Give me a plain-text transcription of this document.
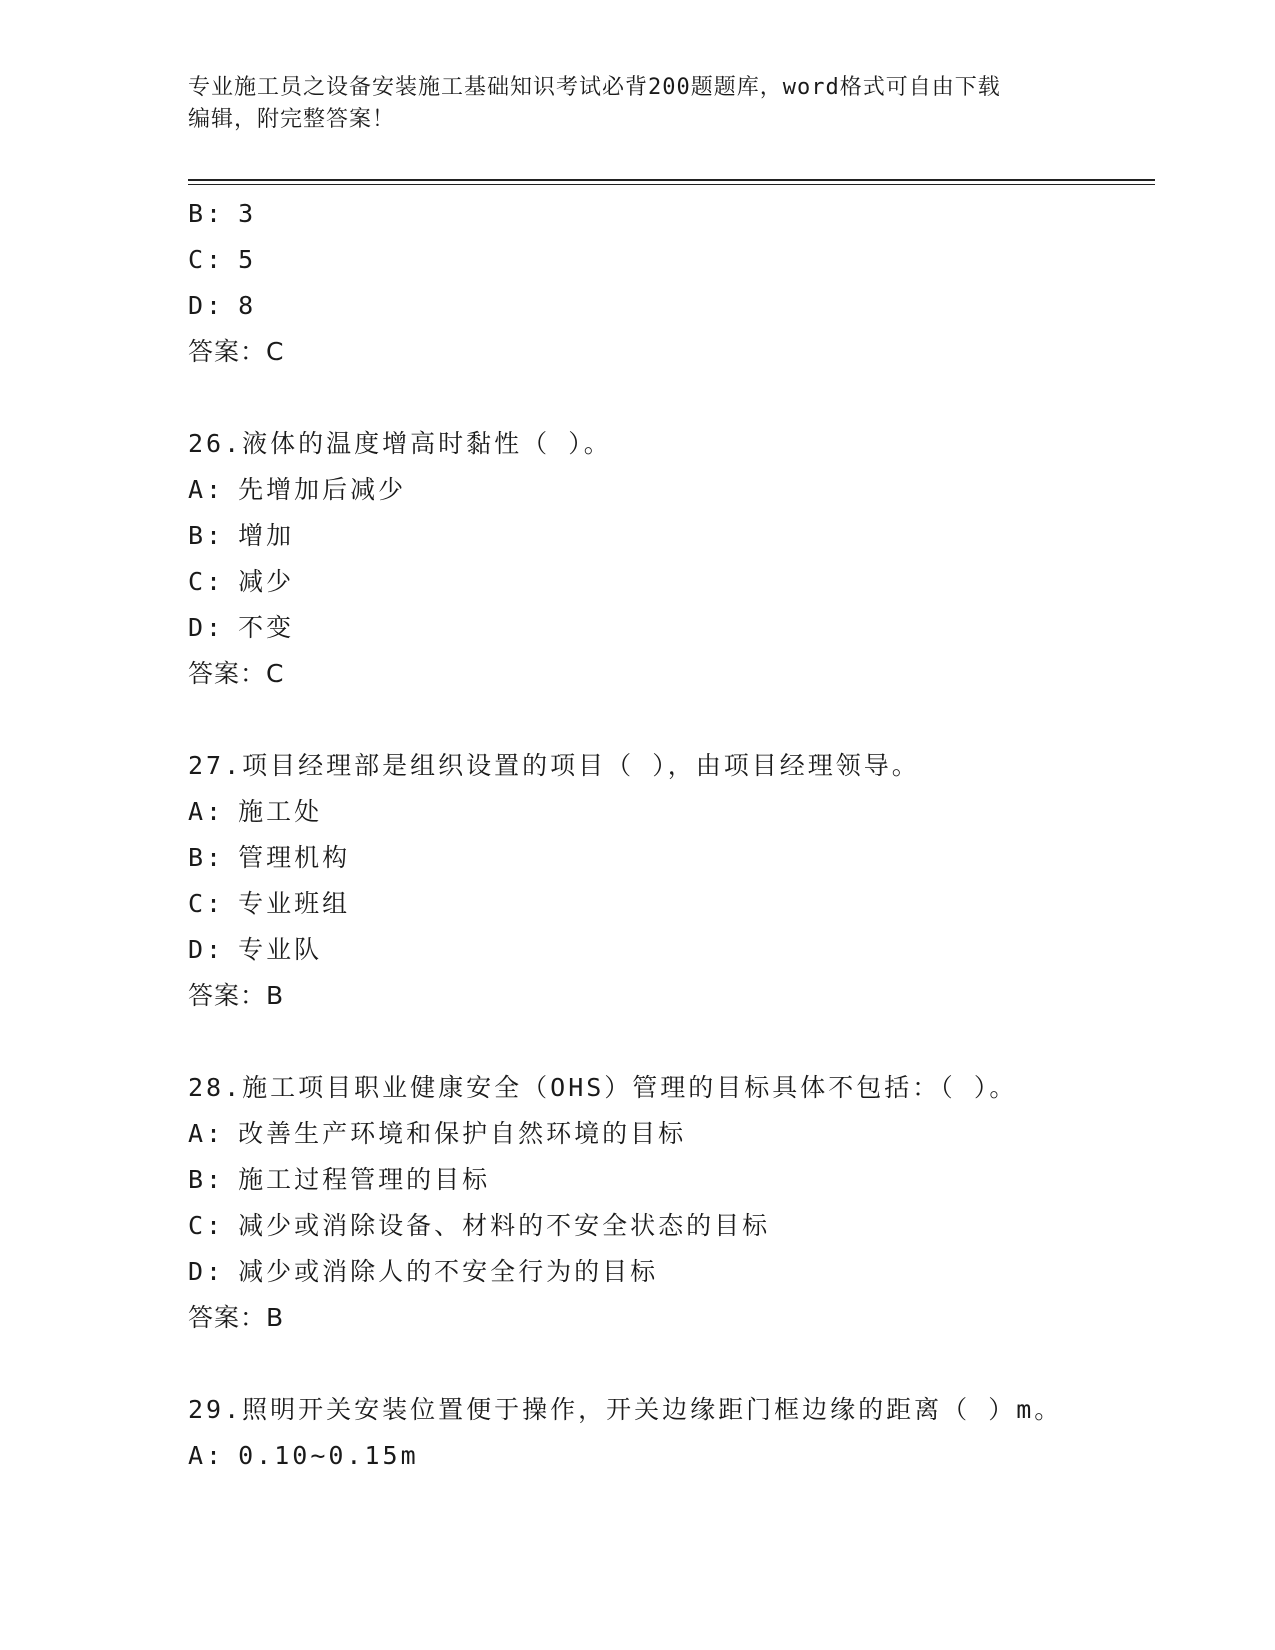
专业施工员之设备安装施工基础知识考试必背200题题库，word格式可自由下载
编辑，附完整答案！
B: 3
C: 5
D: 8
答案：C
26.液体的温度增高时黏性（ ）。
A: 先增加后减少
B: 增加
C: 减少
D: 不变
答案：C
27.项目经理部是组织设置的项目（ ），由项目经理领导。
A: 施工处
B: 管理机构
C: 专业班组
D: 专业队
答案：B
28.施工项目职业健康安全（OHS）管理的目标具体不包括：（ ）。
A: 改善生产环境和保护自然环境的目标
B: 施工过程管理的目标
C: 减少或消除设备、材料的不安全状态的目标
D: 减少或消除人的不安全行为的目标
答案：B
29.照明开关安装位置便于操作，开关边缘距门框边缘的距离（ ）m。
A: 0.10~0.15m
